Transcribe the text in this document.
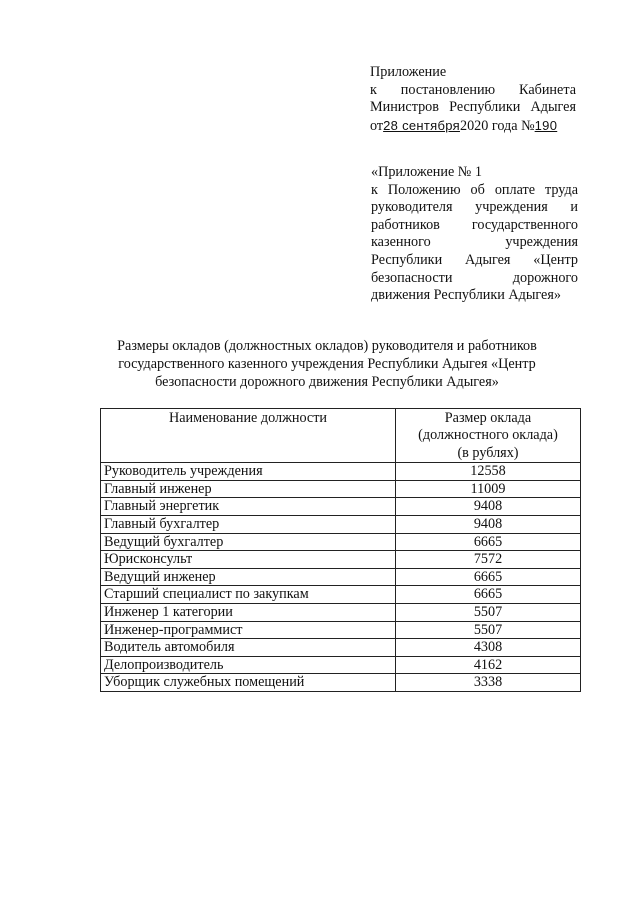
Приложение
к постановлению Кабинета
Министров Республики Адыгея
от28 сентября2020 года №190
«Приложение № 1
к Положению об оплате труда
руководителя учреждения и
работников государственного
казенного учреждения
Республики Адыгея «Центр
безопасности дорожного
движения Республики Адыгея»
Размеры окладов (должностных окладов) руководителя и работников
государственного казенного учреждения Республики Адыгея «Центр
безопасности дорожного движения Республики Адыгея»
Наименование должности	Размер оклада
(должностного оклада)
(в рублях)

Руководитель учреждения	12558
Главный инженер	11009
Главный энергетик	9408
Главный бухгалтер	9408
Ведущий бухгалтер	6665
Юрисконсульт	7572
Ведущий инженер	6665
Старший специалист по закупкам	6665
Инженер 1 категории	5507
Инженер-программист	5507
Водитель автомобиля	4308
Делопроизводитель	4162
Уборщик служебных помещений	3338
